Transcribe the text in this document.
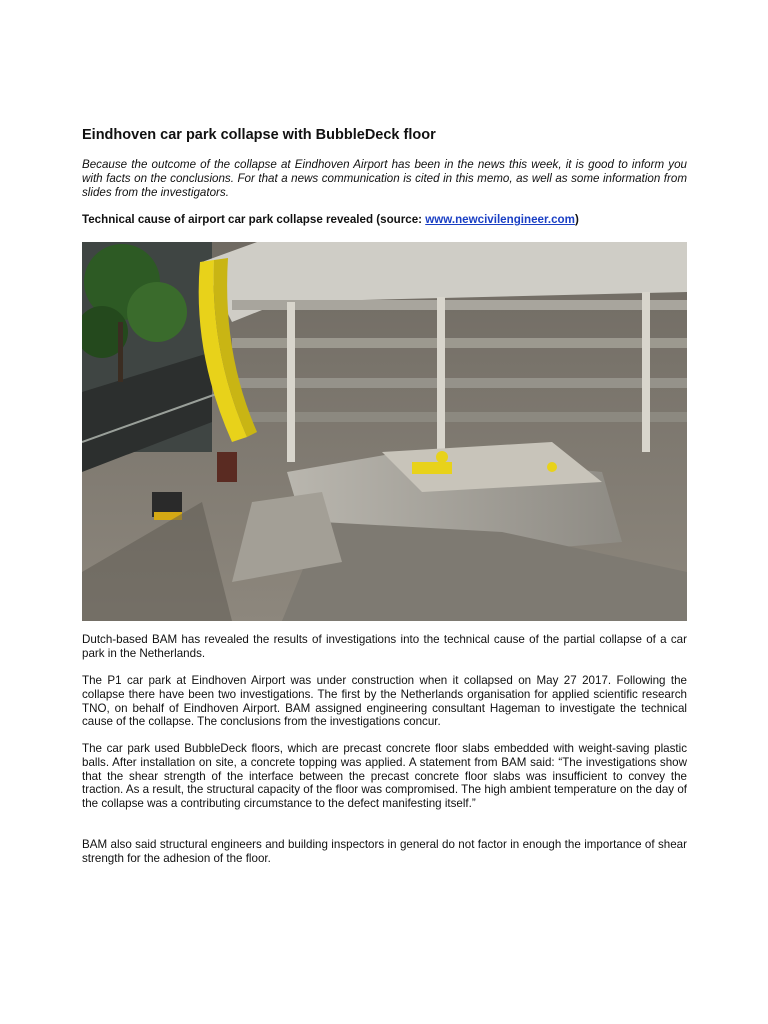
Eindhoven car park collapse with BubbleDeck floor

Because the outcome of the collapse at Eindhoven Airport has been in the news this week, it is good to inform you with facts on the conclusions. For that a news communication is cited in this memo, as well as some information from slides from the investigators.

Technical cause of airport car park collapse revealed (source: www.newcivilengineer.com)

Dutch-based BAM has revealed the results of investigations into the technical cause of the partial collapse of a car park in the Netherlands.

The P1 car park at Eindhoven Airport was under construction when it collapsed on May 27 2017. Following the collapse there have been two investigations. The first by the Netherlands organisation for applied scientific research TNO, on behalf of Eindhoven Airport. BAM assigned engineering consultant Hageman to investigate the technical cause of the collapse. The conclusions from the investigations concur.

The car park used BubbleDeck floors, which are precast concrete floor slabs embedded with weight-saving plastic balls. After installation on site, a concrete topping was applied. A statement from BAM said: “The investigations show that the shear strength of the interface between the precast concrete floor slabs was insufficient to convey the traction. As a result, the structural capacity of the floor was compromised. The high ambient temperature on the day of the collapse was a contributing circumstance to the defect manifesting itself.”

BAM also said structural engineers and building inspectors in general do not factor in enough the importance of shear strength for the adhesion of the floor.
